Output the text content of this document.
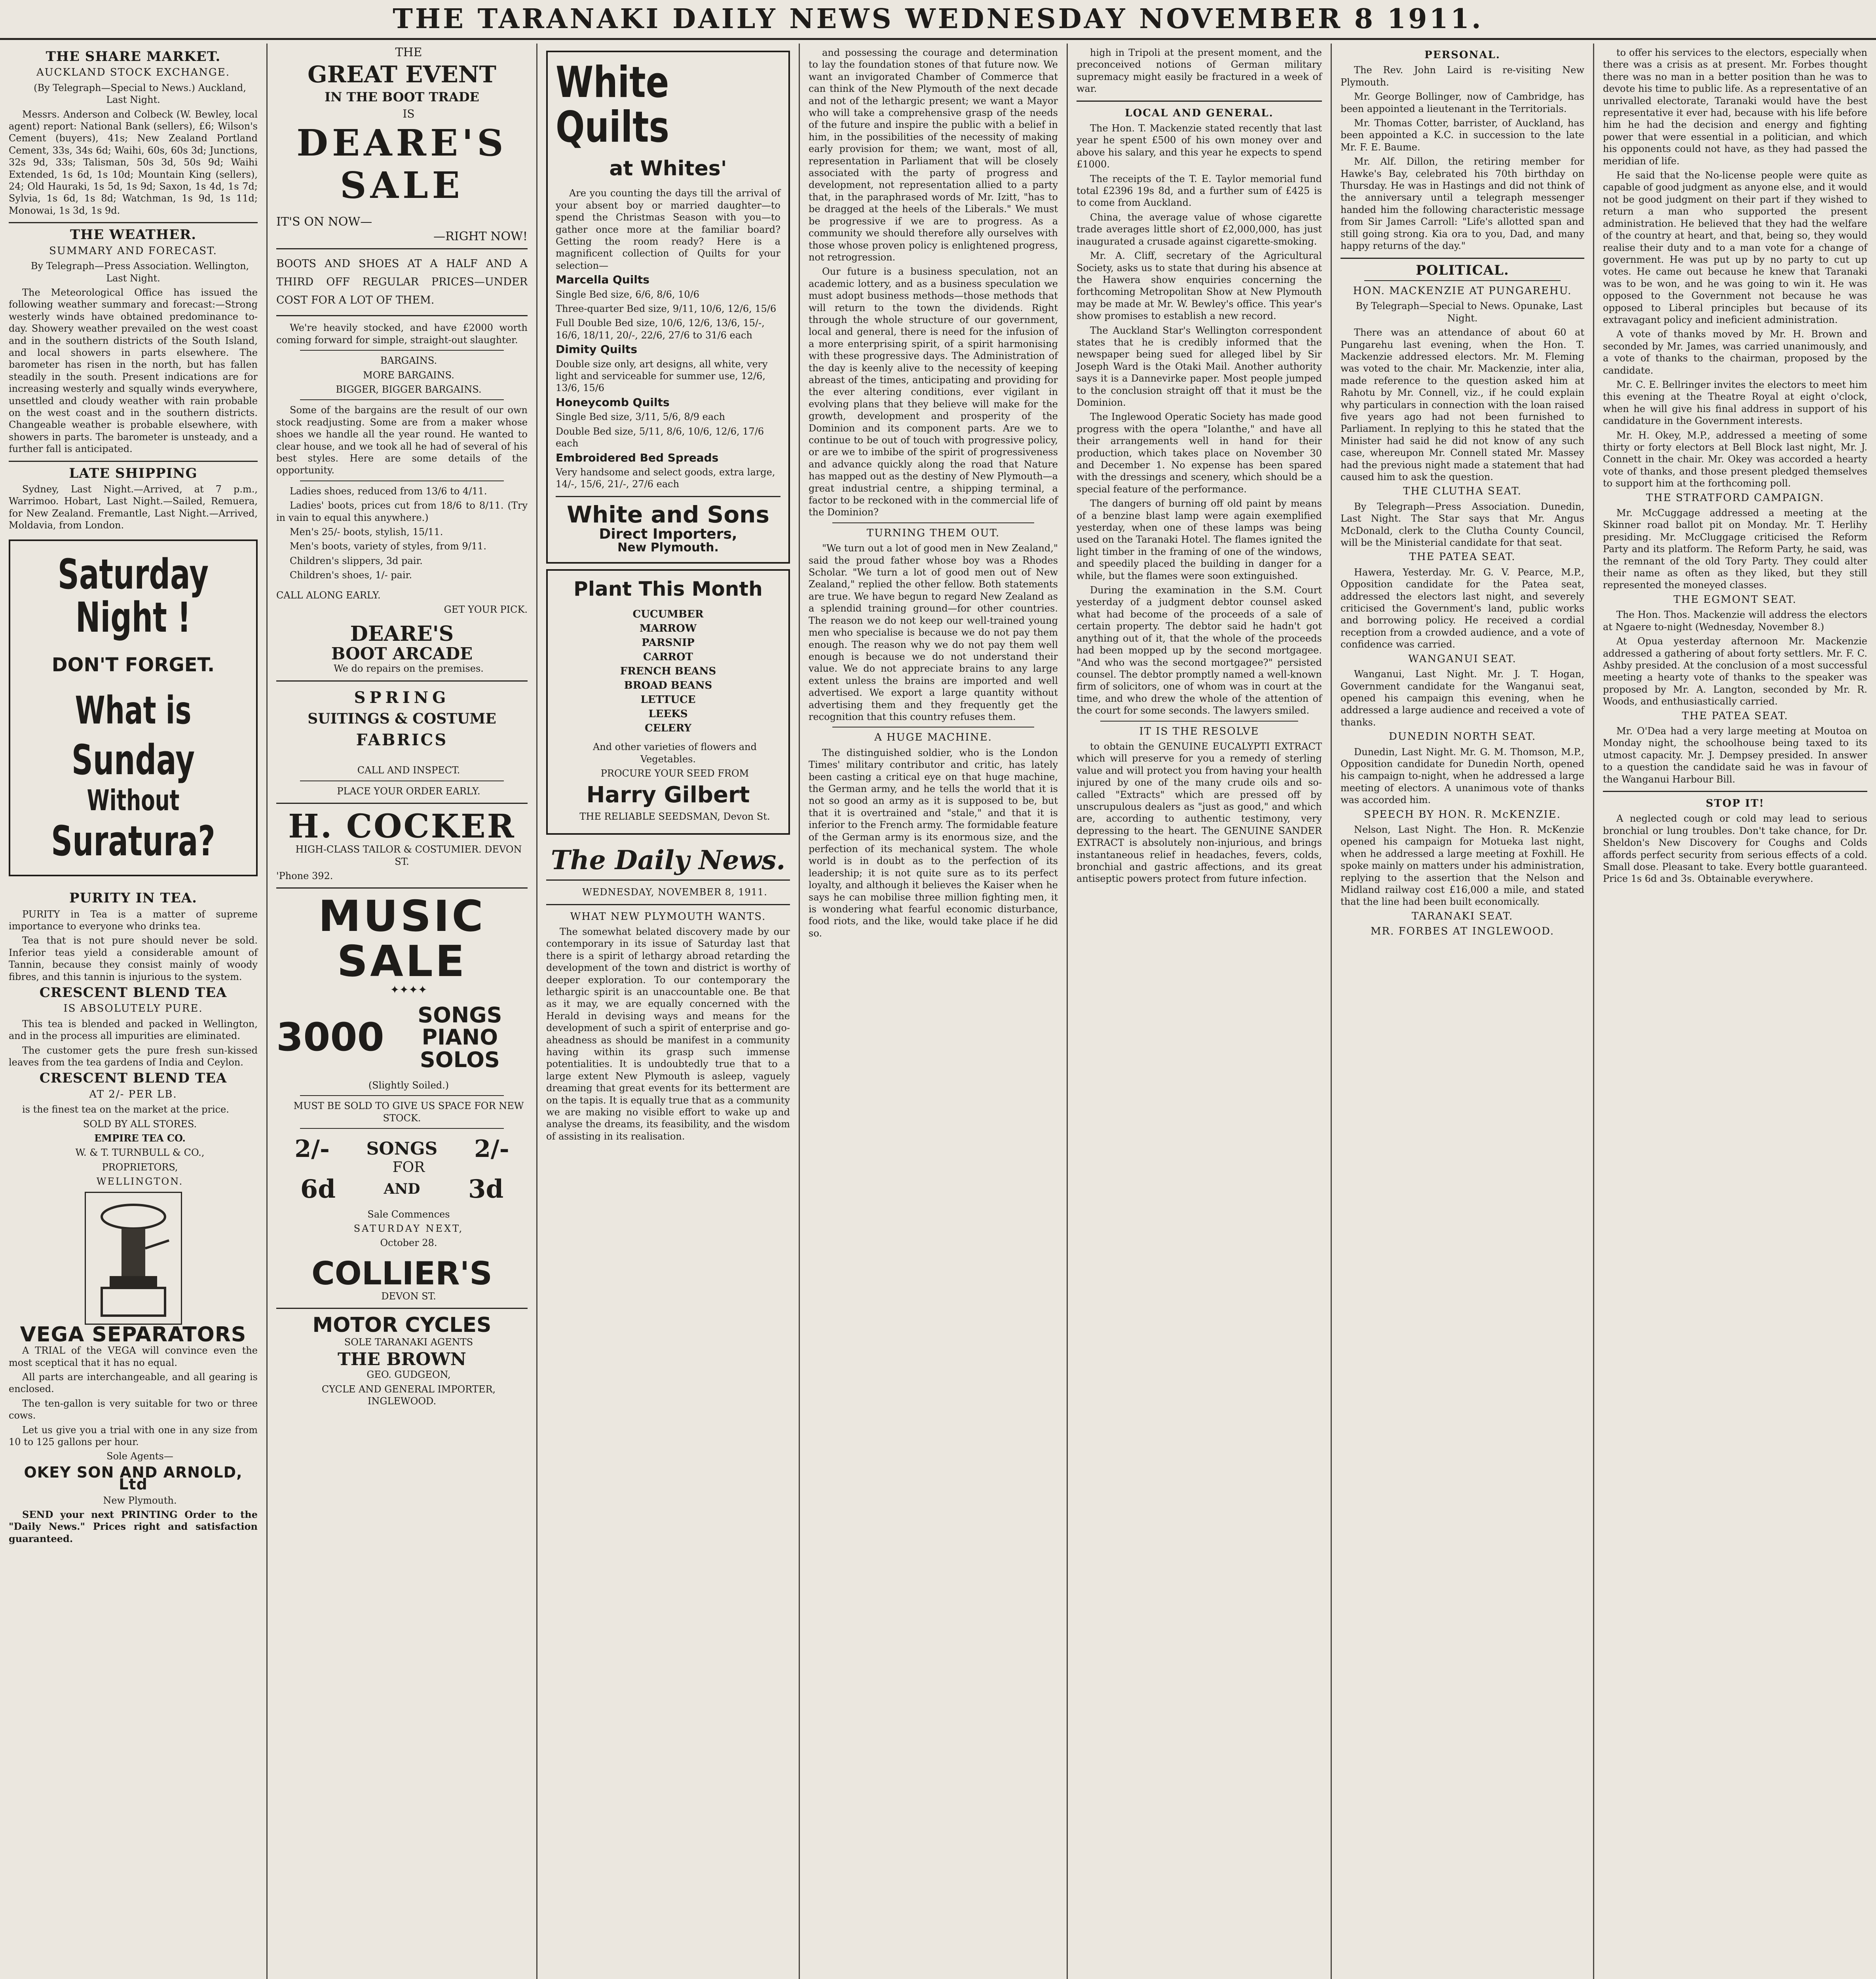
THE TARANAKI DAILY NEWS WEDNESDAY NOVEMBER 8 1911.
THE SHARE MARKET.
AUCKLAND STOCK EXCHANGE.

(By Telegraph—Special to News.) Auckland, Last Night.

Messrs. Anderson and Colbeck (W. Bewley, local agent) report: National Bank (sellers), £6; Wilson's Cement (buyers), 41s; New Zealand Portland Cement, 33s, 34s 6d; Waihi, 60s, 60s 3d; Junctions, 32s 9d, 33s; Talisman, 50s 3d, 50s 9d; Waihi Extended, 1s 6d, 1s 10d; Mountain King (sellers), 24; Old Hauraki, 1s 5d, 1s 9d; Saxon, 1s 4d, 1s 7d; Sylvia, 1s 6d, 1s 8d; Watchman, 1s 9d, 1s 11d; Monowai, 1s 3d, 1s 9d.

THE WEATHER.
SUMMARY AND FORECAST.

By Telegraph—Press Association. Wellington, Last Night.

The Meteorological Office has issued the following weather summary and forecast:—Strong westerly winds have obtained predominance to-day. Showery weather prevailed on the west coast and in the southern districts of the South Island, and local showers in parts elsewhere. The barometer has risen in the north, but has fallen steadily in the south. Present indications are for increasing westerly and squally winds everywhere, unsettled and cloudy weather with rain probable on the west coast and in the southern districts. Changeable weather is probable elsewhere, with showers in parts. The barometer is unsteady, and a further fall is anticipated.

LATE SHIPPING

Sydney, Last Night.—Arrived, at 7 p.m., Warrimoo. Hobart, Last Night.—Sailed, Remuera, for New Zealand. Fremantle, Last Night.—Arrived, Moldavia, from London.

Saturday
Night !
DON'T FORGET.
What is
Sunday
Without
Suratura?
PURITY IN TEA.

PURITY in Tea is a matter of supreme importance to everyone who drinks tea.

Tea that is not pure should never be sold. Inferior teas yield a considerable amount of Tannin, because they consist mainly of woody fibres, and this tannin is injurious to the system.

CRESCENT BLEND TEA
IS ABSOLUTELY PURE.

This tea is blended and packed in Wellington, and in the process all impurities are eliminated.

The customer gets the pure fresh sun-kissed leaves from the tea gardens of India and Ceylon.

CRESCENT BLEND TEA
AT 2/- PER LB.

is the finest tea on the market at the price.

SOLD BY ALL STORES.

EMPIRE TEA CO.

W. & T. TURNBULL & CO.,

PROPRIETORS,

WELLINGTON.

VEGA SEPARATORS

A TRIAL of the VEGA will convince even the most sceptical that it has no equal.

All parts are interchangeable, and all gearing is enclosed.

The ten-gallon is very suitable for two or three cows.

Let us give you a trial with one in any size from 10 to 125 gallons per hour.

Sole Agents—

OKEY SON AND ARNOLD, Ltd

New Plymouth.

SEND your next PRINTING Order to the "Daily News." Prices right and satisfaction guaranteed.

THE

GREAT EVENT
IN THE BOOT TRADE

IS

DEARE'S
SALE

IT'S ON NOW—

—RIGHT NOW!

BOOTS AND SHOES AT A HALF AND A THIRD OFF REGULAR PRICES—UNDER COST FOR A LOT OF THEM.

We're heavily stocked, and have £2000 worth coming forward for simple, straight-out slaughter.

BARGAINS.

MORE BARGAINS.

BIGGER, BIGGER BARGAINS.

Some of the bargains are the result of our own stock readjusting. Some are from a maker whose shoes we handle all the year round. He wanted to clear house, and we took all he had of several of his best styles. Here are some details of the opportunity.

Ladies shoes, reduced from 13/6 to 4/11.

Ladies' boots, prices cut from 18/6 to 8/11. (Try in vain to equal this anywhere.)

Men's 25/- boots, stylish, 15/11.

Men's boots, variety of styles, from 9/11.

Children's slippers, 3d pair.

Children's shoes, 1/- pair.

CALL ALONG EARLY.

GET YOUR PICK.

DEARE'S
BOOT ARCADE

We do repairs on the premises.

SPRING
SUITINGS & COSTUME
FABRICS

CALL AND INSPECT.

PLACE YOUR ORDER EARLY.

H. COCKER

HIGH-CLASS TAILOR & COSTUMIER. DEVON ST.

'Phone 392.

MUSIC
SALE

✦✦✦✦

3000
SONGS
PIANO SOLOS

(Slightly Soiled.)

MUST BE SOLD TO GIVE US SPACE FOR NEW STOCK.

2/- SONGS 2/-

FOR

6d	AND 3d

Sale Commences

SATURDAY NEXT,

October 28.

COLLIER'S

DEVON ST.

MOTOR CYCLES

SOLE TARANAKI AGENTS

THE BROWN

GEO. GUDGEON,

CYCLE AND GENERAL IMPORTER, INGLEWOOD.

White
Quilts
at Whites'

Are you counting the days till the arrival of your absent boy or married daughter—to spend the Christmas Season with you—to gather once more at the familiar board? Getting the room ready? Here is a magnificent collection of Quilts for your selection—

Marcella Quilts

Single Bed size, 6/6, 8/6, 10/6

Three-quarter Bed size, 9/11, 10/6, 12/6, 15/6

Full Double Bed size, 10/6, 12/6, 13/6, 15/-, 16/6, 18/11, 20/-, 22/6, 27/6 to 31/6 each

Dimity Quilts

Double size only, art designs, all white, very light and serviceable for summer use, 12/6, 13/6, 15/6

Honeycomb Quilts

Single Bed size, 3/11, 5/6, 8/9 each

Double Bed size, 5/11, 8/6, 10/6, 12/6, 17/6 each

Embroidered Bed Spreads

Very handsome and select goods, extra large, 14/-, 15/6, 21/-, 27/6 each

White and Sons
Direct Importers,
New Plymouth.
Plant This Month
CUCUMBER
MARROW
PARSNIP
CARROT
FRENCH BEANS
BROAD BEANS
LETTUCE
LEEKS
CELERY

And other varieties of flowers and Vegetables.

PROCURE YOUR SEED FROM

Harry Gilbert

THE RELIABLE SEEDSMAN, Devon St.

The Daily News.

WEDNESDAY, NOVEMBER 8, 1911.

WHAT NEW PLYMOUTH WANTS.

The somewhat belated discovery made by our contemporary in its issue of Saturday last that there is a spirit of lethargy abroad retarding the development of the town and district is worthy of deeper exploration. To our contemporary the lethargic spirit is an unaccountable one. Be that as it may, we are equally concerned with the Herald in devising ways and means for the development of such a spirit of enterprise and go-aheadness as should be manifest in a community having within its grasp such immense potentialities. It is undoubtedly true that to a large extent New Plymouth is asleep, vaguely dreaming that great events for its betterment are on the tapis. It is equally true that as a community we are making no visible effort to wake up and analyse the dreams, its feasibility, and the wisdom of assisting in its realisation.

and possessing the courage and determination to lay the foundation stones of that future now. We want an invigorated Chamber of Commerce that can think of the New Plymouth of the next decade and not of the lethargic present; we want a Mayor who will take a comprehensive grasp of the needs of the future and inspire the public with a belief in him, in the possibilities of the necessity of making early provision for them; we want, most of all, representation in Parliament that will be closely associated with the party of progress and development, not representation allied to a party that, in the paraphrased words of Mr. Izitt, "has to be dragged at the heels of the Liberals." We must be progressive if we are to progress. As a community we should therefore ally ourselves with those whose proven policy is enlightened progress, not retrogression.

Our future is a business speculation, not an academic lottery, and as a business speculation we must adopt business methods—those methods that will return to the town the dividends. Right through the whole structure of our government, local and general, there is need for the infusion of a more enterprising spirit, of a spirit harmonising with these progressive days. The Administration of the day is keenly alive to the necessity of keeping abreast of the times, anticipating and providing for the ever altering conditions, ever vigilant in evolving plans that they believe will make for the growth, development and prosperity of the Dominion and its component parts. Are we to continue to be out of touch with progressive policy, or are we to imbibe of the spirit of progressiveness and advance quickly along the road that Nature has mapped out as the destiny of New Plymouth—a great industrial centre, a shipping terminal, a factor to be reckoned with in the commercial life of the Dominion?

TURNING THEM OUT.

"We turn out a lot of good men in New Zealand," said the proud father whose boy was a Rhodes Scholar. "We turn a lot of good men out of New Zealand," replied the other fellow. Both statements are true. We have begun to regard New Zealand as a splendid training ground—for other countries. The reason we do not keep our well-trained young men who specialise is because we do not pay them enough. The reason why we do not pay them well enough is because we do not understand their value. We do not appreciate brains to any large extent unless the brains are imported and well advertised. We export a large quantity without advertising them and they frequently get the recognition that this country refuses them.

A HUGE MACHINE.

The distinguished soldier, who is the London Times' military contributor and critic, has lately been casting a critical eye on that huge machine, the German army, and he tells the world that it is not so good an army as it is supposed to be, but that it is overtrained and "stale," and that it is inferior to the French army. The formidable feature of the German army is its enormous size, and the perfection of its mechanical system. The whole world is in doubt as to the perfection of its leadership; it is not quite sure as to its perfect loyalty, and although it believes the Kaiser when he says he can mobilise three million fighting men, it is wondering what fearful economic disturbance, food riots, and the like, would take place if he did so.

high in Tripoli at the present moment, and the preconceived notions of German military supremacy might easily be fractured in a week of war.

LOCAL AND GENERAL.

The Hon. T. Mackenzie stated recently that last year he spent £500 of his own money over and above his salary, and this year he expects to spend £1000.

The receipts of the T. E. Taylor memorial fund total £2396 19s 8d, and a further sum of £425 is to come from Auckland.

China, the average value of whose cigarette trade averages little short of £2,000,000, has just inaugurated a crusade against cigarette-smoking.

Mr. A. Cliff, secretary of the Agricultural Society, asks us to state that during his absence at the Hawera show enquiries concerning the forthcoming Metropolitan Show at New Plymouth may be made at Mr. W. Bewley's office. This year's show promises to establish a new record.

The Auckland Star's Wellington correspondent states that he is credibly informed that the newspaper being sued for alleged libel by Sir Joseph Ward is the Otaki Mail. Another authority says it is a Dannevirke paper. Most people jumped to the conclusion straight off that it must be the Dominion.

The Inglewood Operatic Society has made good progress with the opera "Iolanthe," and have all their arrangements well in hand for their production, which takes place on November 30 and December 1. No expense has been spared with the dressings and scenery, which should be a special feature of the performance.

The dangers of burning off old paint by means of a benzine blast lamp were again exemplified yesterday, when one of these lamps was being used on the Taranaki Hotel. The flames ignited the light timber in the framing of one of the windows, and speedily placed the building in danger for a while, but the flames were soon extinguished.

During the examination in the S.M. Court yesterday of a judgment debtor counsel asked what had become of the proceeds of a sale of certain property. The debtor said he hadn't got anything out of it, that the whole of the proceeds had been mopped up by the second mortgagee. "And who was the second mortgagee?" persisted counsel. The debtor promptly named a well-known firm of solicitors, one of whom was in court at the time, and who drew the whole of the attention of the court for some seconds. The lawyers smiled.

IT IS THE RESOLVE

to obtain the GENUINE EUCALYPTI EXTRACT which will preserve for you a remedy of sterling value and will protect you from having your health injured by one of the many crude oils and so-called "Extracts" which are pressed off by unscrupulous dealers as "just as good," and which are, according to authentic testimony, very depressing to the heart. The GENUINE SANDER EXTRACT is absolutely non-injurious, and brings instantaneous relief in headaches, fevers, colds, bronchial and gastric affections, and its great antiseptic powers protect from future infection.

PERSONAL.

The Rev. John Laird is re-visiting New Plymouth.

Mr. George Bollinger, now of Cambridge, has been appointed a lieutenant in the Territorials.

Mr. Thomas Cotter, barrister, of Auckland, has been appointed a K.C. in succession to the late Mr. F. E. Baume.

Mr. Alf. Dillon, the retiring member for Hawke's Bay, celebrated his 70th birthday on Thursday. He was in Hastings and did not think of the anniversary until a telegraph messenger handed him the following characteristic message from Sir James Carroll: "Life's allotted span and still going strong. Kia ora to you, Dad, and many happy returns of the day."

POLITICAL.
HON. MACKENZIE AT PUNGAREHU.

By Telegraph—Special to News. Opunake, Last Night.

There was an attendance of about 60 at Pungarehu last evening, when the Hon. T. Mackenzie addressed electors. Mr. M. Fleming was voted to the chair. Mr. Mackenzie, inter alia, made reference to the question asked him at Rahotu by Mr. Connell, viz., if he could explain why particulars in connection with the loan raised five years ago had not been furnished to Parliament. In replying to this he stated that the Minister had said he did not know of any such case, whereupon Mr. Connell stated Mr. Massey had the previous night made a statement that had caused him to ask the question.

THE CLUTHA SEAT.

By Telegraph—Press Association. Dunedin, Last Night. The Star says that Mr. Angus McDonald, clerk to the Clutha County Council, will be the Ministerial candidate for that seat.

THE PATEA SEAT.

Hawera, Yesterday. Mr. G. V. Pearce, M.P., Opposition candidate for the Patea seat, addressed the electors last night, and severely criticised the Government's land, public works and borrowing policy. He received a cordial reception from a crowded audience, and a vote of confidence was carried.

WANGANUI SEAT.

Wanganui, Last Night. Mr. J. T. Hogan, Government candidate for the Wanganui seat, opened his campaign this evening, when he addressed a large audience and received a vote of thanks.

DUNEDIN NORTH SEAT.

Dunedin, Last Night. Mr. G. M. Thomson, M.P., Opposition candidate for Dunedin North, opened his campaign to-night, when he addressed a large meeting of electors. A unanimous vote of thanks was accorded him.

SPEECH BY HON. R. McKENZIE.

Nelson, Last Night. The Hon. R. McKenzie opened his campaign for Motueka last night, when he addressed a large meeting at Foxhill. He spoke mainly on matters under his administration, replying to the assertion that the Nelson and Midland railway cost £16,000 a mile, and stated that the line had been built economically.

TARANAKI SEAT.
MR. FORBES AT INGLEWOOD.

to offer his services to the electors, especially when there was a crisis as at present. Mr. Forbes thought there was no man in a better position than he was to devote his time to public life. As a representative of an unrivalled electorate, Taranaki would have the best representative it ever had, because with his life before him he had the decision and energy and fighting power that were essential in a politician, and which his opponents could not have, as they had passed the meridian of life.

He said that the No-license people were quite as capable of good judgment as anyone else, and it would not be good judgment on their part if they wished to return a man who supported the present administration. He believed that they had the welfare of the country at heart, and that, being so, they would realise their duty and to a man vote for a change of government. He was put up by no party to cut up votes. He came out because he knew that Taranaki was to be won, and he was going to win it. He was opposed to the Government not because he was opposed to Liberal principles but because of its extravagant policy and ineficient administration.

A vote of thanks moved by Mr. H. Brown and seconded by Mr. James, was carried unanimously, and a vote of thanks to the chairman, proposed by the candidate.

Mr. C. E. Bellringer invites the electors to meet him this evening at the Theatre Royal at eight o'clock, when he will give his final address in support of his candidature in the Government interests.

Mr. H. Okey, M.P., addressed a meeting of some thirty or forty electors at Bell Block last night, Mr. J. Connett in the chair. Mr. Okey was accorded a hearty vote of thanks, and those present pledged themselves to support him at the forthcoming poll.

THE STRATFORD CAMPAIGN.

Mr. McCuggage addressed a meeting at the Skinner road ballot pit on Monday. Mr. T. Herlihy presiding. Mr. McCluggage criticised the Reform Party and its platform. The Reform Party, he said, was the remnant of the old Tory Party. They could alter their name as often as they liked, but they still represented the moneyed classes.

THE EGMONT SEAT.

The Hon. Thos. Mackenzie will address the electors at Ngaere to-night (Wednesday, November 8.)

At Opua yesterday afternoon Mr. Mackenzie addressed a gathering of about forty settlers. Mr. F. C. Ashby presided. At the conclusion of a most successful meeting a hearty vote of thanks to the speaker was proposed by Mr. A. Langton, seconded by Mr. R. Woods, and enthusiastically carried.

THE PATEA SEAT.

Mr. O'Dea had a very large meeting at Moutoa on Monday night, the schoolhouse being taxed to its utmost capacity. Mr. J. Dempsey presided. In answer to a question the candidate said he was in favour of the Wanganui Harbour Bill.

STOP IT!

A neglected cough or cold may lead to serious bronchial or lung troubles. Don't take chance, for Dr. Sheldon's New Discovery for Coughs and Colds affords perfect security from serious effects of a cold. Small dose. Pleasant to take. Every bottle guaranteed. Price 1s 6d and 3s. Obtainable everywhere.
